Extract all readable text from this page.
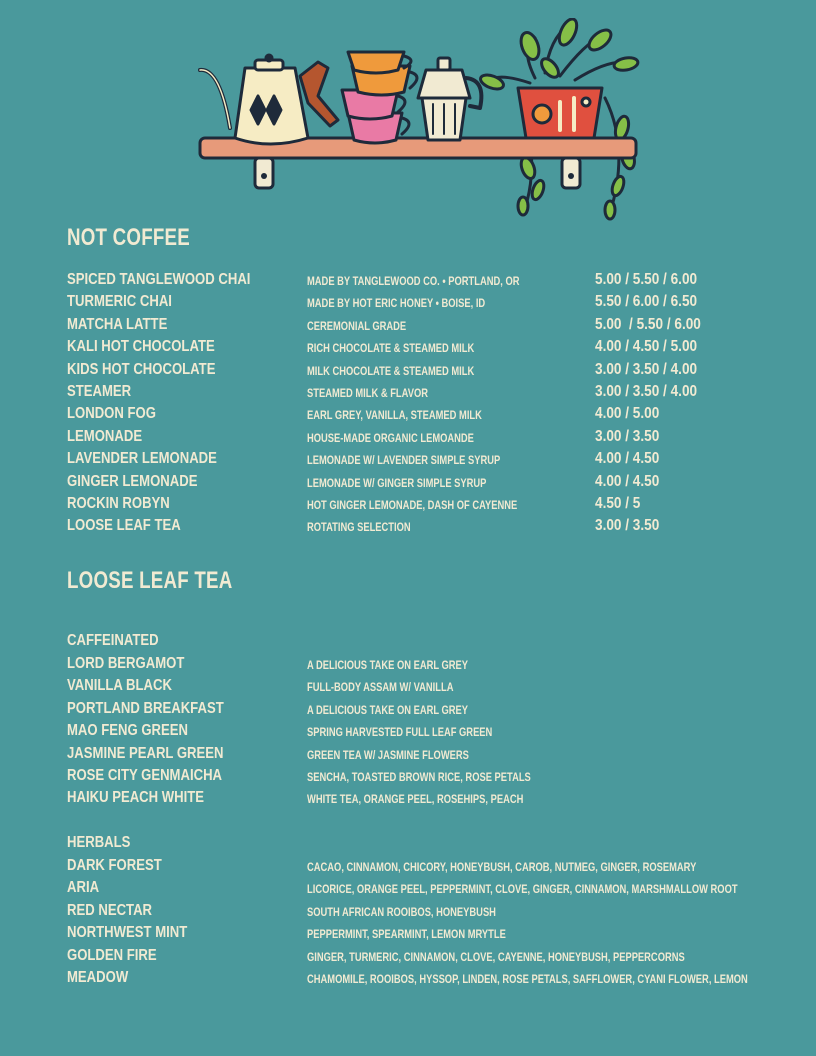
NOT COFFEE
SPICED TANGLEWOOD CHAI	MADE BY TANGLEWOOD CO. • PORTLAND, OR	5.00 / 5.50 / 6.00
TURMERIC CHAI	MADE BY HOT ERIC HONEY • BOISE, ID	5.50 / 6.00 / 6.50
MATCHA LATTE	CEREMONIAL GRADE	5.00  / 5.50 / 6.00
KALI HOT CHOCOLATE	RICH CHOCOLATE & STEAMED MILK	4.00 / 4.50 / 5.00
KIDS HOT CHOCOLATE	MILK CHOCOLATE & STEAMED MILK	3.00 / 3.50 / 4.00
STEAMER	STEAMED MILK & FLAVOR	3.00 / 3.50 / 4.00
LONDON FOG	EARL GREY, VANILLA, STEAMED MILK	4.00 / 5.00
LEMONADE	HOUSE-MADE ORGANIC LEMOANDE	3.00 / 3.50
LAVENDER LEMONADE	LEMONADE W/ LAVENDER SIMPLE SYRUP	4.00 / 4.50
GINGER LEMONADE	LEMONADE W/ GINGER SIMPLE SYRUP	4.00 / 4.50
ROCKIN ROBYN	HOT GINGER LEMONADE, DASH OF CAYENNE	4.50 / 5
LOOSE LEAF TEA	ROTATING SELECTION	3.00 / 3.50
LOOSE LEAF TEA
CAFFEINATED
LORD BERGAMOT	A DELICIOUS TAKE ON EARL GREY
VANILLA BLACK	FULL-BODY ASSAM W/ VANILLA
PORTLAND BREAKFAST	A DELICIOUS TAKE ON EARL GREY
MAO FENG GREEN	SPRING HARVESTED FULL LEAF GREEN
JASMINE PEARL GREEN	GREEN TEA W/ JASMINE FLOWERS
ROSE CITY GENMAICHA	SENCHA, TOASTED BROWN RICE, ROSE PETALS
HAIKU PEACH WHITE	WHITE TEA, ORANGE PEEL, ROSEHIPS, PEACH
HERBALS
DARK FOREST	CACAO, CINNAMON, CHICORY, HONEYBUSH, CAROB, NUTMEG, GINGER, ROSEMARY
ARIA	LICORICE, ORANGE PEEL, PEPPERMINT, CLOVE, GINGER, CINNAMON, MARSHMALLOW ROOT
RED NECTAR	SOUTH AFRICAN ROOIBOS, HONEYBUSH
NORTHWEST MINT	PEPPERMINT, SPEARMINT, LEMON MRYTLE
GOLDEN FIRE	GINGER, TURMERIC, CINNAMON, CLOVE, CAYENNE, HONEYBUSH, PEPPERCORNS
MEADOW	CHAMOMILE, ROOIBOS, HYSSOP, LINDEN, ROSE PETALS, SAFFLOWER, CYANI FLOWER, LEMON
